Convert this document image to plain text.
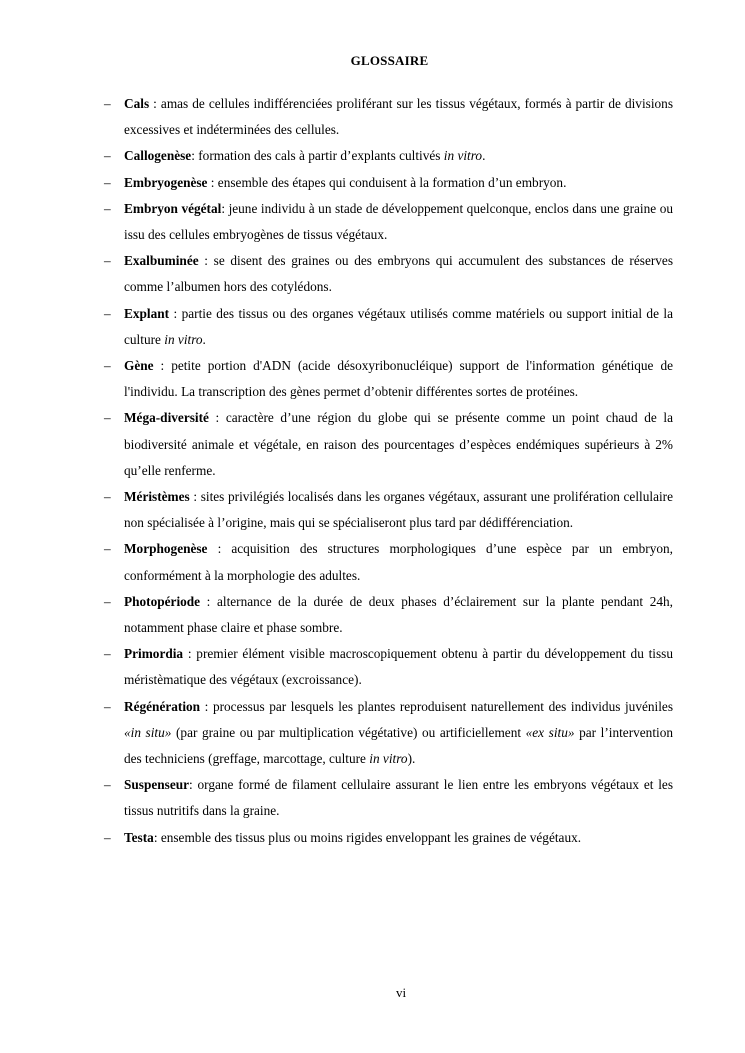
GLOSSAIRE
– Cals : amas de cellules indifférenciées proliférant sur les tissus végétaux, formés à partir de divisions excessives et indéterminées des cellules.
– Callogenèse: formation des cals à partir d’explants cultivés in vitro.
– Embryogenèse : ensemble des étapes qui conduisent à la formation d’un embryon.
– Embryon végétal: jeune individu à un stade de développement quelconque, enclos dans une graine ou issu des cellules embryogènes de tissus végétaux.
– Exalbuminée : se disent des graines ou des embryons qui accumulent des substances de réserves comme l’albumen hors des cotylédons.
– Explant : partie des tissus ou des organes végétaux utilisés comme matériels ou support initial de la culture in vitro.
– Gène : petite portion d'ADN (acide désoxyribonucléique) support de l'information génétique de l'individu. La transcription des gènes permet d’obtenir différentes sortes de protéines.
– Méga-diversité : caractère d’une région du globe qui se présente comme un point chaud de la biodiversité animale et végétale, en raison des pourcentages d’espèces endémiques supérieurs à 2% qu’elle renferme.
– Méristèmes : sites privilégiés localisés dans les organes végétaux, assurant une prolifération cellulaire non spécialisée à l’origine, mais qui se spécialiseront plus tard par dédifférenciation.
– Morphogenèse : acquisition des structures morphologiques d’une espèce par un embryon, conformément à la morphologie des adultes.
– Photopériode : alternance de la durée de deux phases d’éclairement sur la plante pendant 24h, notamment phase claire et phase sombre.
– Primordia : premier élément visible macroscopiquement obtenu à partir du développement du tissu méristèmatique des végétaux (excroissance).
– Régénération : processus par lesquels les plantes reproduisent naturellement des individus juvéniles «in situ» (par graine ou par multiplication végétative) ou artificiellement «ex situ» par l’intervention des techniciens (greffage, marcottage, culture in vitro).
– Suspenseur: organe formé de filament cellulaire assurant le lien entre les embryons végétaux et les tissus nutritifs dans la graine.
– Testa: ensemble des tissus plus ou moins rigides enveloppant les graines de végétaux.
vi
